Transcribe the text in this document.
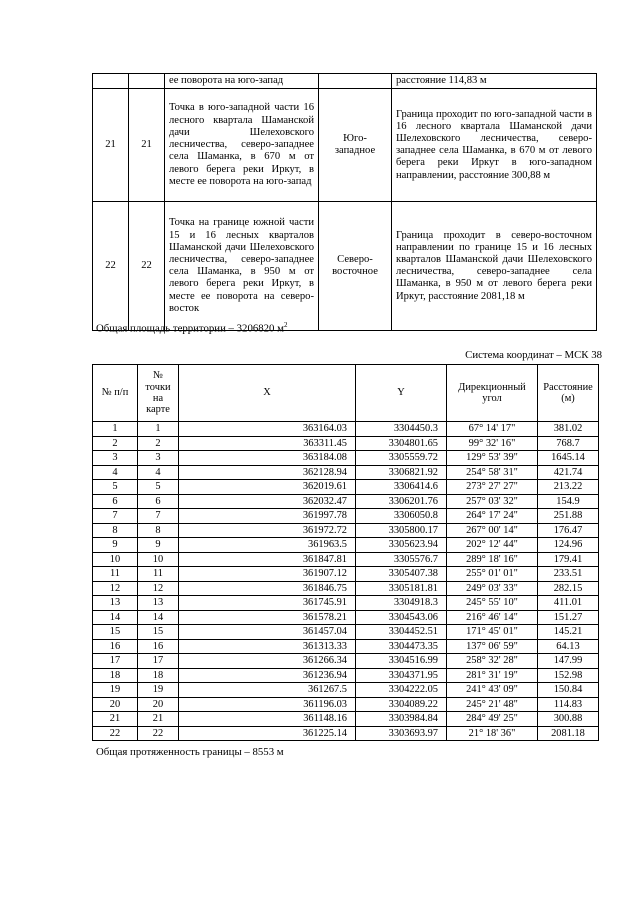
		ее поворота на юго-запад		расстояние 114,83 м
21	21	Точка в юго-западной части 16 лесного квартала Шаманской дачи Шелеховского лесничества, северо-западнее села Шаманка, в 670 м от левого берега реки Иркут, в месте ее поворота на юго-запад	Юго-западное	Граница проходит по юго-западной части в 16 лесного квартала Шаманской дачи Шелеховского лесничества, северо-западнее села Шаманка, в 670 м от левого берега реки Иркут в юго-западном направлении, расстояние 300,88 м
22	22	Точка на границе южной части 15 и 16 лесных кварталов Шаманской дачи Шелеховского лесничества, северо-западнее села Шаманка, в 950 м от левого берега реки Иркут, в месте ее поворота на северо-восток	Северо-восточное	Граница проходит в северо-восточном направлении по границе 15 и 16 лесных кварталов Шаманской дачи Шелеховского лесничества, северо-западнее села Шаманка, в 950 м от левого берега реки Иркут, расстояние 2081,18 м
Общая площадь территории – 3206820 $м^2$
Система координат – МСК 38
№ п/п	№ точки на карте	X	Y	Дирекционный угол	Расстояние (м)
1	1	363164.03	3304450.3	67° 14' 17"	381.02
2	2	363311.45	3304801.65	99° 32' 16"	768.7
3	3	363184.08	3305559.72	129° 53' 39"	1645.14
4	4	362128.94	3306821.92	254° 58' 31"	421.74
5	5	362019.61	3306414.6	273° 27' 27"	213.22
6	6	362032.47	3306201.76	257° 03' 32"	154.9
7	7	361997.78	3306050.8	264° 17' 24"	251.88
8	8	361972.72	3305800.17	267° 00' 14"	176.47
9	9	361963.5	3305623.94	202° 12' 44"	124.96
10	10	361847.81	3305576.7	289° 18' 16"	179.41
11	11	361907.12	3305407.38	255° 01' 01"	233.51
12	12	361846.75	3305181.81	249° 03' 33"	282.15
13	13	361745.91	3304918.3	245° 55' 10"	411.01
14	14	361578.21	3304543.06	216° 46' 14"	151.27
15	15	361457.04	3304452.51	171° 45' 01"	145.21
16	16	361313.33	3304473.35	137° 06' 59"	64.13
17	17	361266.34	3304516.99	258° 32' 28"	147.99
18	18	361236.94	3304371.95	281° 31' 19"	152.98
19	19	361267.5	3304222.05	241° 43' 09"	150.84
20	20	361196.03	3304089.22	245° 21' 48"	114.83
21	21	361148.16	3303984.84	284° 49' 25"	300.88
22	22	361225.14	3303693.97	21° 18' 36"	2081.18
Общая протяженность границы – 8553 м
